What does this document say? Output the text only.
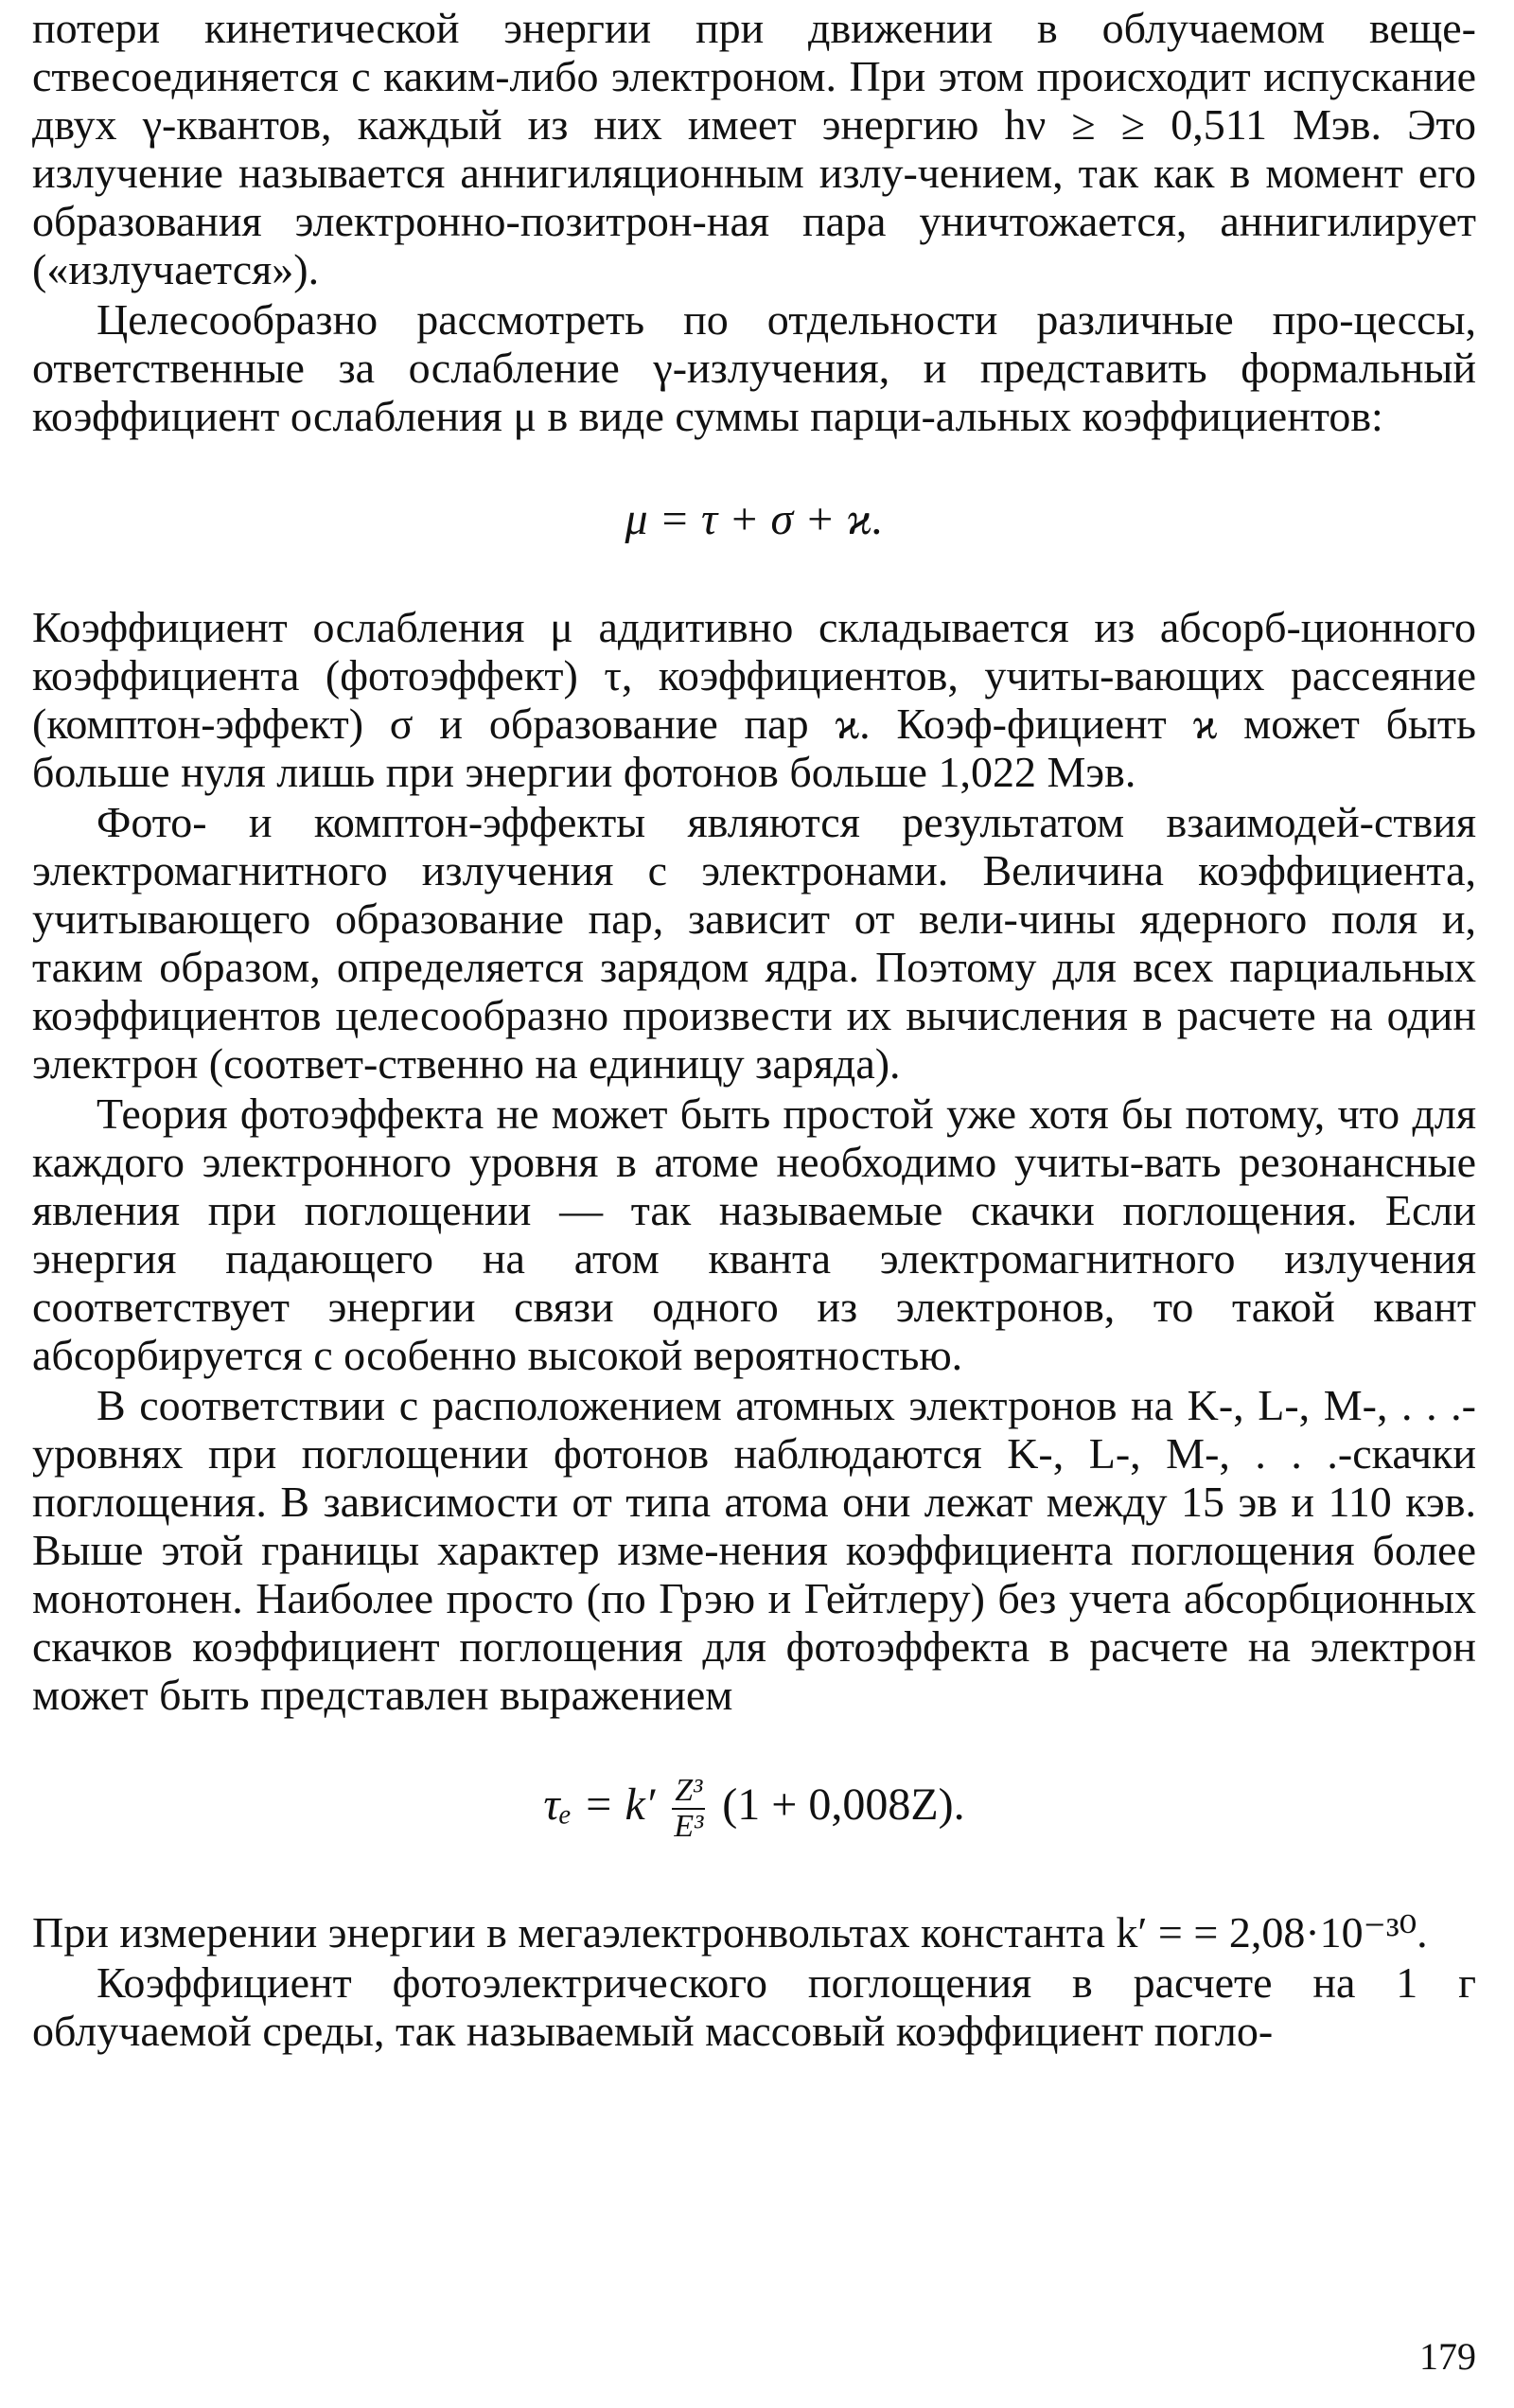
потери кинетической энергии при движении в облучаемом веще-ствесоединяется с каким-либо электроном. При этом происходит испускание двух γ-квантов, каждый из них имеет энергию hν ≥ ≥ 0,511 Мэв. Это излучение называется аннигиляционным излу-чением, так как в момент его образования электронно-позитрон-ная пара уничтожается, аннигилирует («излучается»).

Целесообразно рассмотреть по отдельности различные про-цессы, ответственные за ослабление γ-излучения, и представить формальный коэффициент ослабления μ в виде суммы парци-альных коэффициентов:

μ = τ + σ + ϰ.

Коэффициент ослабления μ аддитивно складывается из абсорб-ционного коэффициента (фотоэффект) τ, коэффициентов, учиты-вающих рассеяние (комптон-эффект) σ и образование пар ϰ. Коэф-фициент ϰ может быть больше нуля лишь при энергии фотонов больше 1,022 Мэв.

Фото- и комптон-эффекты являются результатом взаимодей-ствия электромагнитного излучения с электронами. Величина коэффициента, учитывающего образование пар, зависит от вели-чины ядерного поля и, таким образом, определяется зарядом ядра. Поэтому для всех парциальных коэффициентов целесообразно произвести их вычисления в расчете на один электрон (соответ-ственно на единицу заряда).

Теория фотоэффекта не может быть простой уже хотя бы потому, что для каждого электронного уровня в атоме необходимо учиты-вать резонансные явления при поглощении — так называемые скачки поглощения. Если энергия падающего на атом кванта электромагнитного излучения соответствует энергии связи одного из электронов, то такой квант абсорбируется с особенно высокой вероятностью.

В соответствии с расположением атомных электронов на K-, L-, M-, . . .-уровнях при поглощении фотонов наблюдаются K-, L-, M-, . . .-скачки поглощения. В зависимости от типа атома они лежат между 15 эв и 110 кэв. Выше этой границы характер изме-нения коэффициента поглощения более монотонен. Наиболее просто (по Грэю и Гейтлеру) без учета абсорбционных скачков коэффициент поглощения для фотоэффекта в расчете на электрон может быть представлен выражением

$\tau_e = k' \frac{\text{Z³}}{\text{E³}} (1 + 0,008Z)$.

При измерении энергии в мегаэлектронвольтах константа k′ = = 2,08·10⁻³⁰.

Коэффициент фотоэлектрического поглощения в расчете на 1 г облучаемой среды, так называемый массовый коэффициент погло-

179
